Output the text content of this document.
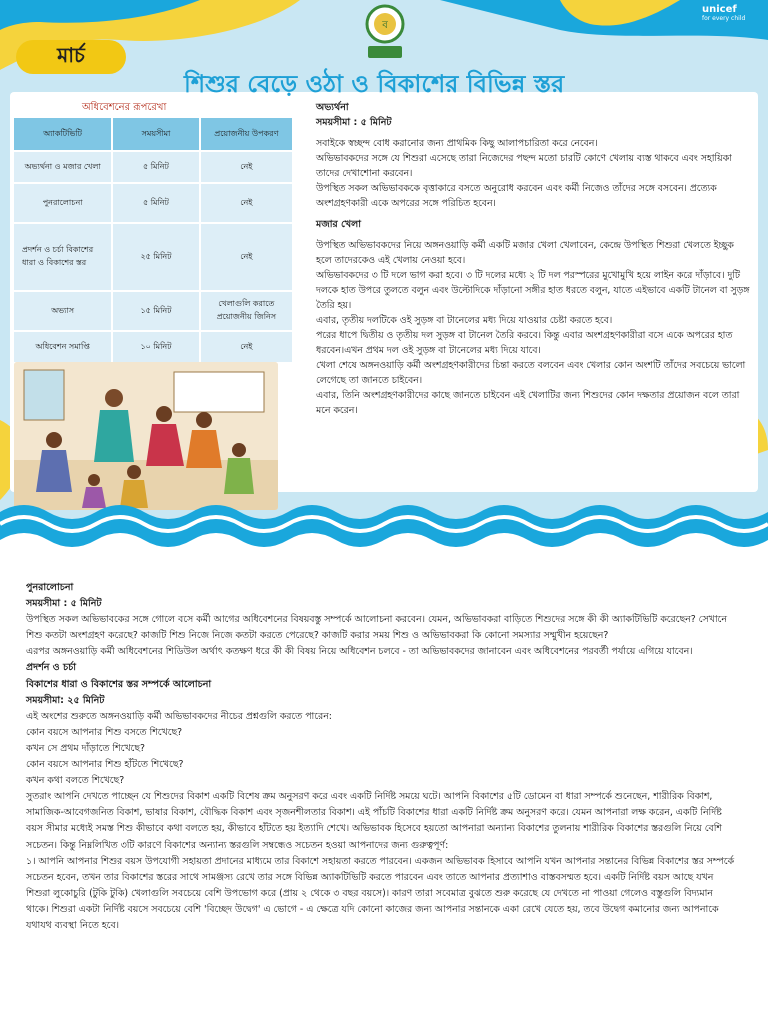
মার্চ
ব
unicef
for every child
শিশুর বেড়ে ওঠা ও বিকাশের বিভিন্ন স্তর
অধিবেশনের রূপরেখা
অ্যাকটিভিটি	সময়সীমা	প্রয়োজনীয় উপকরণ
অভ্যর্থনা ও মজার খেলা	৫ মিনিট	নেই
পুনরালোচনা	৫ মিনিট	নেই
প্রদর্শন ও চর্চা বিকাশের ধারা ও বিকাশের স্তর	২৫ মিনিট	নেই
অভ্যাস	১৫ মিনিট	খেলাগুলি করাতে প্রয়োজনীয় জিনিস
অধিবেশন সমাপ্তি	১০ মিনিট	নেই

অভ্যর্থনা

সময়সীমা : ৫ মিনিট

সবাইকে স্বচ্ছন্দ বোধ করানোর জন্য প্রাথমিক কিছু আলাপচারিতা করে নেবেন।

অভিভাবকদের সঙ্গে যে শিশুরা এসেছে তারা নিজেদের পছন্দ মতো চারটি কোণে খেলায় ব্যস্ত থাকবে এবং সহায়িকা তাদের দেখাশোনা করবেন।

উপস্থিত সকল অভিভাবককে বৃত্তাকারে বসতে অনুরোধ করবেন এবং কর্মী নিজেও তাঁদের সঙ্গে বসবেন। প্রত্যেক অংশগ্রহণকারী একে অপরের সঙ্গে পরিচিত হবেন।

মজার খেলা

উপস্থিত অভিভাবকদের নিয়ে অঙ্গনওয়াড়ি কর্মী একটি মজার খেলা খেলাবেন, কেন্দ্রে উপস্থিত শিশুরা খেলতে ইচ্ছুক হলে তাদেরকেও এই খেলায় নেওয়া হবে।

অভিভাবকদের ৩ টি দলে ভাগ করা হবে। ৩ টি দলের মধ্যে ২ টি দল পরস্পরের মুখোমুখি হয়ে লাইন করে দাঁড়াবে। দুটি দলকে হাত উপরে তুলতে বলুন এবং উল্টোদিকে দাঁড়ানো সঙ্গীর হাত ধরতে বলুন, যাতে এইভাবে একটি টানেল বা সুড়ঙ্গ তৈরি হয়।

এবার, তৃতীয় দলটিকে ওই সুড়ঙ্গ বা টানেলের মধ্য দিয়ে যাওয়ার চেষ্টা করতে হবে।

পরের ধাপে দ্বিতীয় ও তৃতীয় দল সুড়ঙ্গ বা টানেল তৈরি করবে। কিন্তু এবার অংশগ্রহণকারীরা বসে একে অপরের হাত ধরবেন।এখন প্রথম দল ওই সুড়ঙ্গ বা টানেলের মধ্য দিয়ে যাবে।

খেলা শেষে অঙ্গনওয়াড়ি কর্মী অংশগ্রহণকারীদের চিন্তা করতে বলবেন এবং খেলার কোন অংশটি তাঁদের সবচেয়ে ভালো লেগেছে তা জানতে চাইবেন।

এবার, তিনি অংশগ্রহণকারীদের কাছে জানতে চাইবেন এই খেলাটির জন্য শিশুদের কোন দক্ষতার প্রয়োজন বলে তারা মনে করেন।

পুনরালোচনা

সময়সীমা : ৫ মিনিট

উপস্থিত সকল অভিভাবকের সঙ্গে গোলে বসে কর্মী আগের অধিবেশনের বিষয়বস্তু সম্পর্কে আলোচনা করবেন। যেমন, অভিভাবকরা বাড়িতে শিশুদের সঙ্গে কী কী অ্যাকটিভিটি করেছেন? সেখানে শিশু কতটা অংশগ্রহণ করেছে? কাজটি শিশু নিজে নিজে কতটা করতে পেরেছে? কাজটি করার সময় শিশু ও অভিভাবকরা কি কোনো সমস্যার সম্মুখীন হয়েছেন?

এরপর অঙ্গনওয়াড়ি কর্মী অধিবেশনের শিডিউল অর্থাৎ কতক্ষণ ধরে কী কী বিষয় নিয়ে অধিবেশন চলবে - তা অভিভাবকদের জানাবেন এবং অধিবেশনের পরবর্তী পর্যায়ে এগিয়ে যাবেন।

প্রদর্শন ও চর্চা

বিকাশের ধারা ও বিকাশের স্তর সম্পর্কে আলোচনা

সময়সীমা: ২৫ মিনিট

এই অংশের শুরুতে অঙ্গনওয়াড়ি কর্মী অভিভাবকদের নীচের প্রশ্নগুলি করতে পারেন:

কোন বয়সে আপনার শিশু বসতে শিখেছে?

কখন সে প্রথম দাঁড়াতে শিখেছে?

কোন বয়সে আপনার শিশু হাঁটতে শিখেছে?

কখন কথা বলতে শিখেছে?

সুতরাং আপনি দেখতে পাচ্ছেন যে শিশুদের বিকাশ একটি বিশেষ ক্রম অনুসরণ করে এবং একটি নির্দিষ্ট সময়ে ঘটে। আপনি বিকাশের ৫টি ডোমেন বা ধারা সম্পর্কে শুনেছেন, শারীরিক বিকাশ, সামাজিক-আবেগজনিত বিকাশ, ভাষার বিকাশ, বৌদ্ধিক বিকাশ এবং সৃজনশীলতার বিকাশ। এই পাঁচটি বিকাশের ধারা একটি নির্দিষ্ট ক্রম অনুসরণ করে। যেমন আপনারা লক্ষ করেন, একটি নির্দিষ্ট বয়স সীমার মধ্যেই সমস্ত শিশু কীভাবে কথা বলতে হয়, কীভাবে হাঁটতে হয় ইত্যাদি শেখে। অভিভাবক হিসেবে হয়তো আপনারা অন্যান্য বিকাশের তুলনায় শারীরিক বিকাশের স্তরগুলি নিয়ে বেশি সচেতন। কিন্তু নিম্নলিখিত ৩টি কারণে বিকাশের অন্যান্য স্তরগুলি সম্বন্ধেও সচেতন হওয়া আপনাদের জন্য গুরুত্বপূর্ণ:

১। আপনি আপনার শিশুর বয়স উপযোগী সহায়তা প্রদানের মাধ্যমে তার বিকাশে সহায়তা করতে পারবেন। একজন অভিভাবক হিসাবে আপনি যখন আপনার সন্তানের বিভিন্ন বিকাশের স্তর সম্পর্কে সচেতন হবেন, তখন তার বিকাশের স্তরের সাথে সামঞ্জস্য রেখে তার সঙ্গে বিভিন্ন অ্যাকটিভিটি করতে পারবেন এবং তাতে আপনার প্রত্যাশাও বাস্তবসম্মত হবে। একটি নির্দিষ্ট বয়স আছে যখন শিশুরা লুকোচুরি (টুকি টুকি) খেলাগুলি সবচেয়ে বেশি উপভোগ করে (প্রায় ২ থেকে ৩ বছর বয়সে)। কারণ তারা সবেমাত্র বুঝতে শুরু করেছে যে দেখতে না পাওয়া গেলেও বস্তুগুলি বিদ্যমান থাকে। শিশুরা একটা নির্দিষ্ট বয়সে সবচেয়ে বেশি 'বিচ্ছেদ উদ্বেগ' এ ভোগে - এ ক্ষেত্রে যদি কোনো কাজের জন্য আপনার সন্তানকে একা রেখে যেতে হয়, তবে উদ্বেগ কমানোর জন্য আপনাকে যথাযথ ব্যবস্থা নিতে হবে।
